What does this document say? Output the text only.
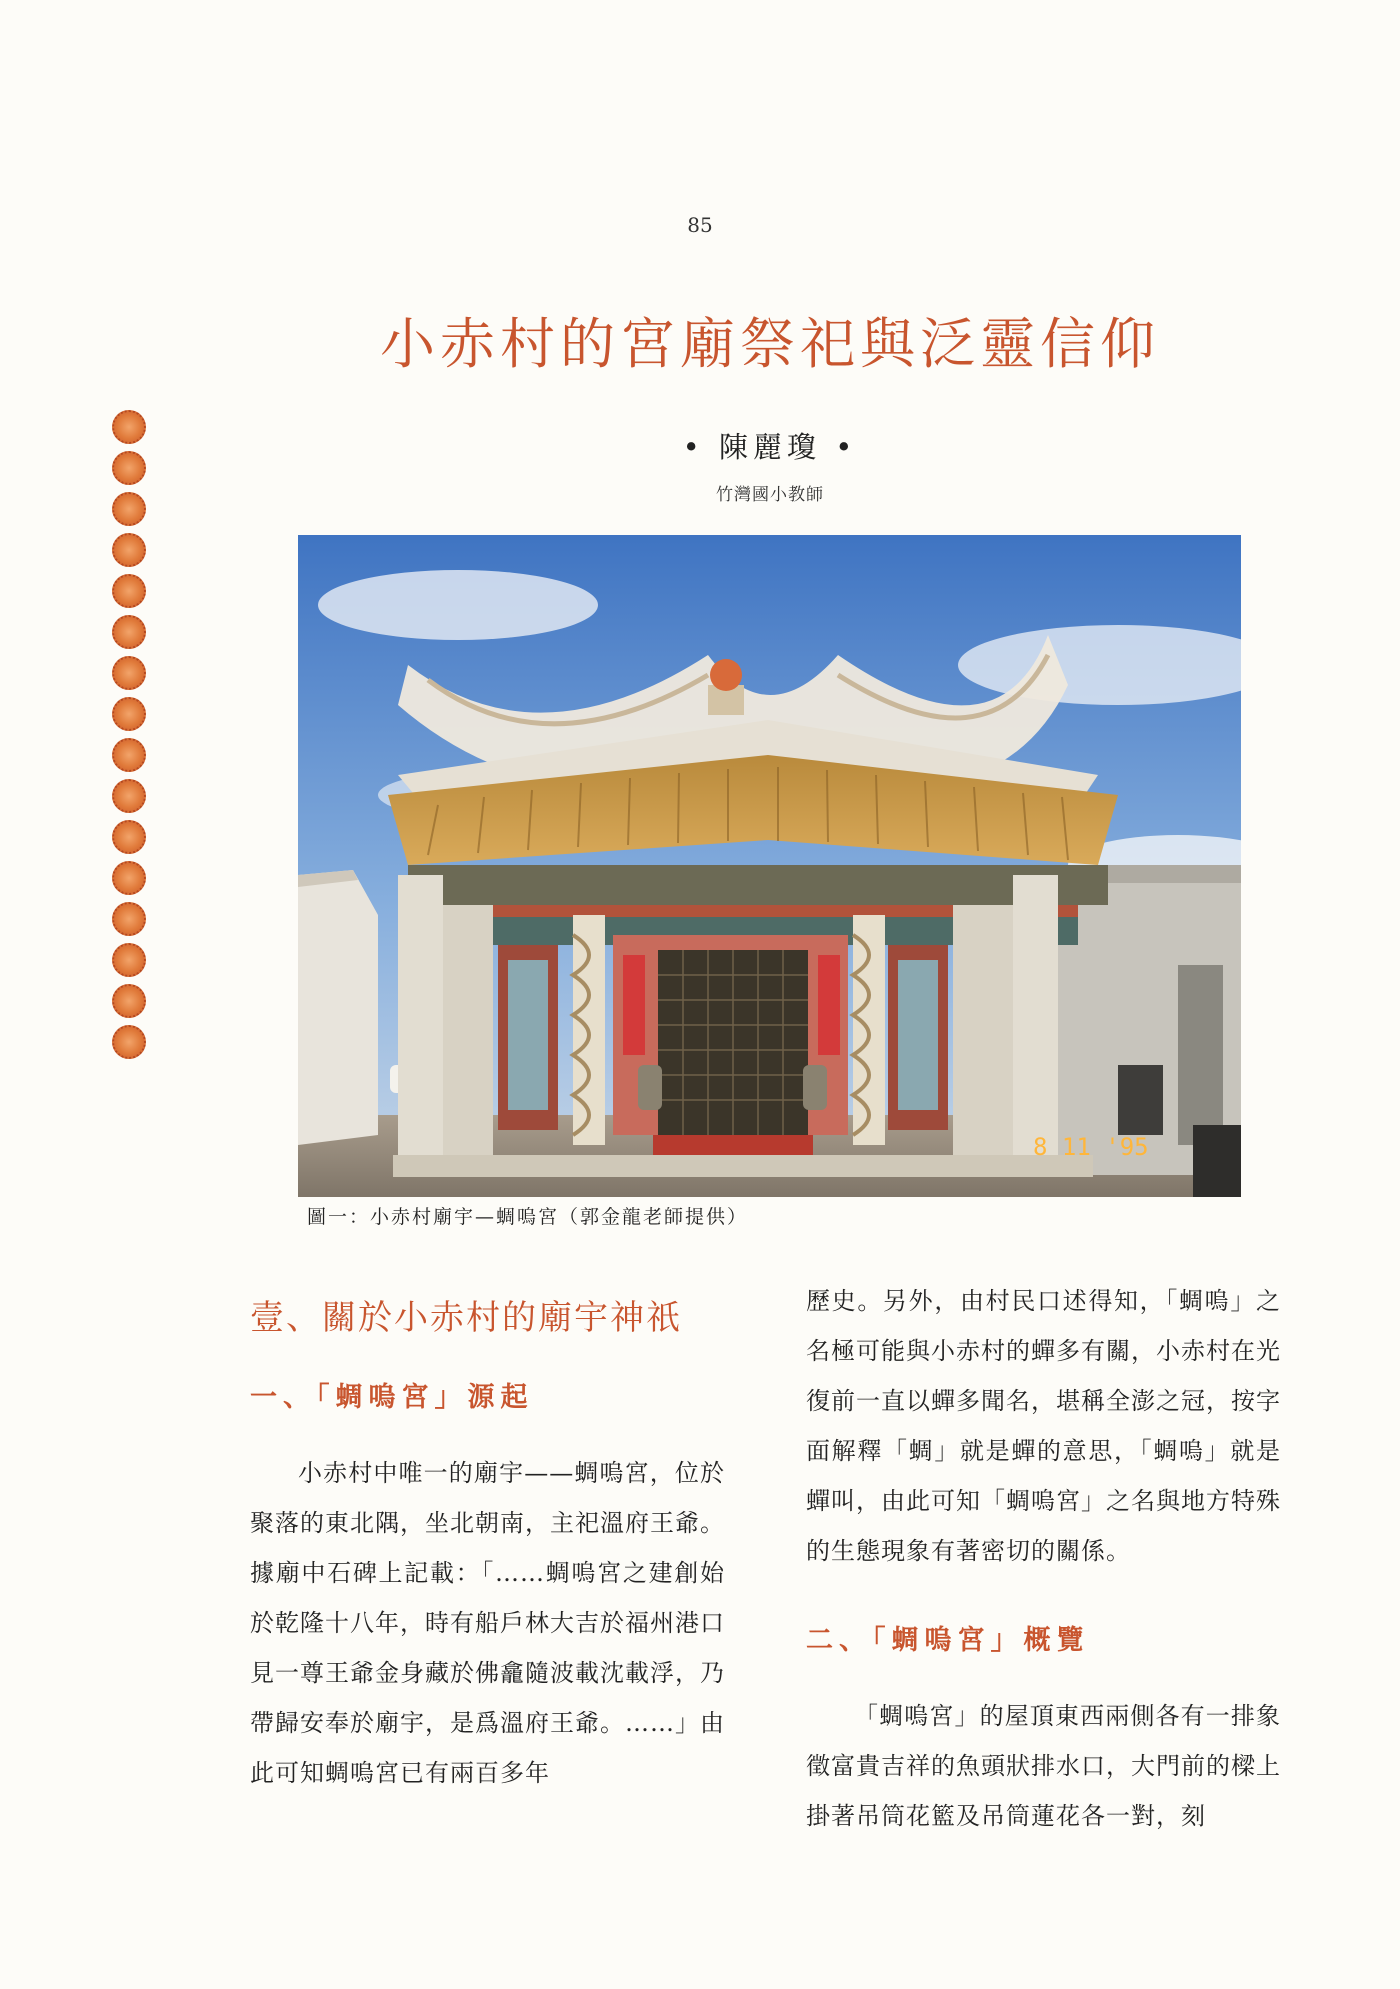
85
小赤村的宮廟祭祀與泛靈信仰
• 陳麗瓊 •
竹灣國小教師
8 11 '95
圖一：小赤村廟宇—蜩嗚宮（郭金龍老師提供）
壹、關於小赤村的廟宇神祇
一、「蜩嗚宮」源起

小赤村中唯一的廟宇——蜩嗚宮，位於聚落的東北隅，坐北朝南，主祀溫府王爺。據廟中石碑上記載：「……蜩嗚宮之建創始於乾隆十八年，時有船戶林大吉於福州港口見一尊王爺金身藏於佛龕隨波載沈載浮，乃帶歸安奉於廟宇，是爲溫府王爺。……」由此可知蜩嗚宮已有兩百多年

歷史。另外，由村民口述得知，「蜩嗚」之名極可能與小赤村的蟬多有關，小赤村在光復前一直以蟬多聞名，堪稱全澎之冠，按字面解釋「蜩」就是蟬的意思，「蜩嗚」就是蟬叫，由此可知「蜩嗚宮」之名與地方特殊的生態現象有著密切的關係。

二、「蜩嗚宮」概覽

「蜩嗚宮」的屋頂東西兩側各有一排象徵富貴吉祥的魚頭狀排水口，大門前的樑上掛著吊筒花籃及吊筒蓮花各一對，刻
